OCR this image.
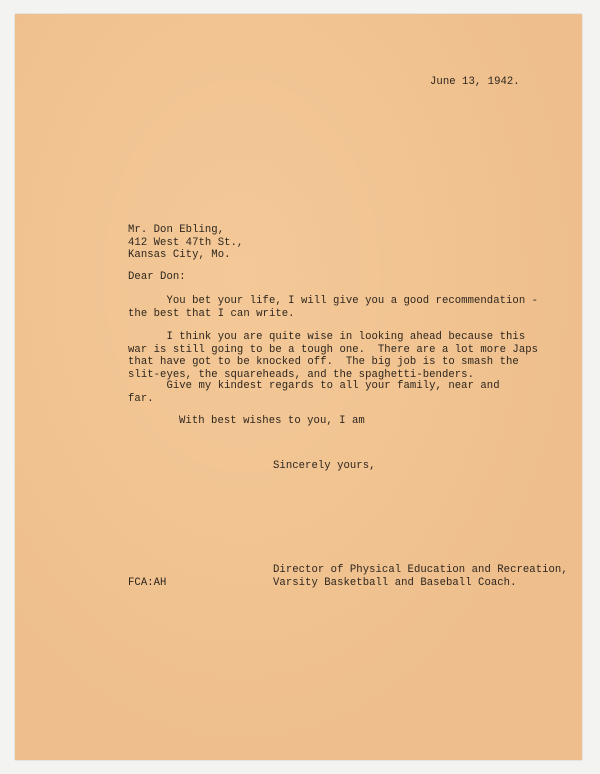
June 13, 1942.
Mr. Don Ebling,
412 West 47th St.,
Kansas City, Mo.
Dear Don:
You bet your life, I will give you a good recommendation -
the best that I can write.
I think you are quite wise in looking ahead because this
war is still going to be a tough one.  There are a lot more Japs
that have got to be knocked off.  The big job is to smash the
slit-eyes, the squareheads, and the spaghetti-benders.
Give my kindest regards to all your family, near and
far.
With best wishes to you, I am
Sincerely yours,
Director of Physical Education and Recreation,
Varsity Basketball and Baseball Coach.
FCA:AH
